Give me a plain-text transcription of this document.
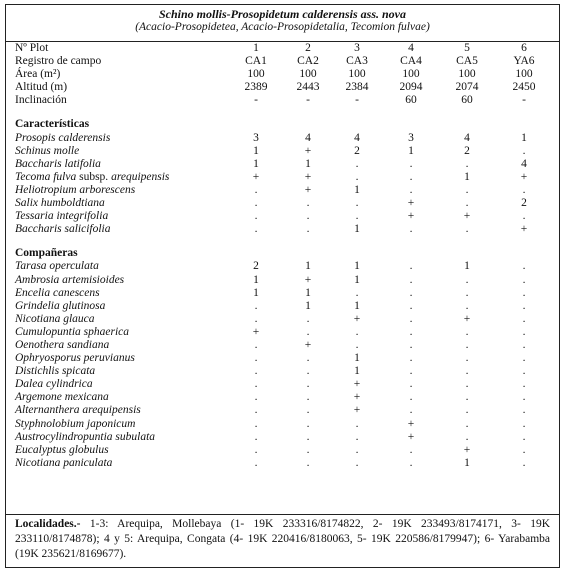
Schino mollis-Prosopidetum calderensis ass. nova
(Acacio-Prosopidetea, Acacio-Prosopidetalia, Tecomion fulvae)
Nº Plot	1	2	3	4	5	6
Registro de campo	CA1	CA2	CA3	CA4	CA5	YA6
Área (m²)	100	100	100	100	100	100
Altitud (m)	2389	2443	2384	2094	2074	2450
Inclinación	-	-	-	60	60	-
Características
Prosopis calderensis	3	4	4	3	4	1
Schinus molle	1	+	2	1	2	.
Baccharis latifolia	1	1	.	.	.	4
Tecoma fulva subsp. arequipensis	+	+	.	.	1	+
Heliotropium arborescens	.	+	1	.	.	.
Salix humboldtiana	.	.	.	+	.	2
Tessaria integrifolia	.	.	.	+	+	.
Baccharis salicifolia	.	.	1	.	.	+
Compañeras
Tarasa operculata	2	1	1	.	1	.
Ambrosia artemisioides	1	+	1	.	.	.
Encelia canescens	1	1	.	.	.	.
Grindelia glutinosa	.	1	1	.	.	.
Nicotiana glauca	.	.	+	.	+	.
Cumulopuntia sphaerica	+	.	.	.	.	.
Oenothera sandiana	.	+	.	.	.	.
Ophryosporus peruvianus	.	.	1	.	.	.
Distichlis spicata	.	.	1	.	.	.
Dalea cylindrica	.	.	+	.	.	.
Argemone mexicana	.	.	+	.	.	.
Alternanthera arequipensis	.	.	+	.	.	.
Styphnolobium japonicum	.	.	.	+	.	.
Austrocylindropuntia subulata	.	.	.	+	.	.
Eucalyptus globulus	.	.	.	.	+	.
Nicotiana paniculata	.	.	.	.	1	.
Localidades.- 1-3: Arequipa, Mollebaya (1- 19K 233316/8174822, 2- 19K 233493/8174171, 3- 19K 233110/8174878); 4 y 5: Arequipa, Congata (4- 19K 220416/8180063, 5- 19K 220586/8179947); 6- Yarabamba (19K 235621/8169677).
